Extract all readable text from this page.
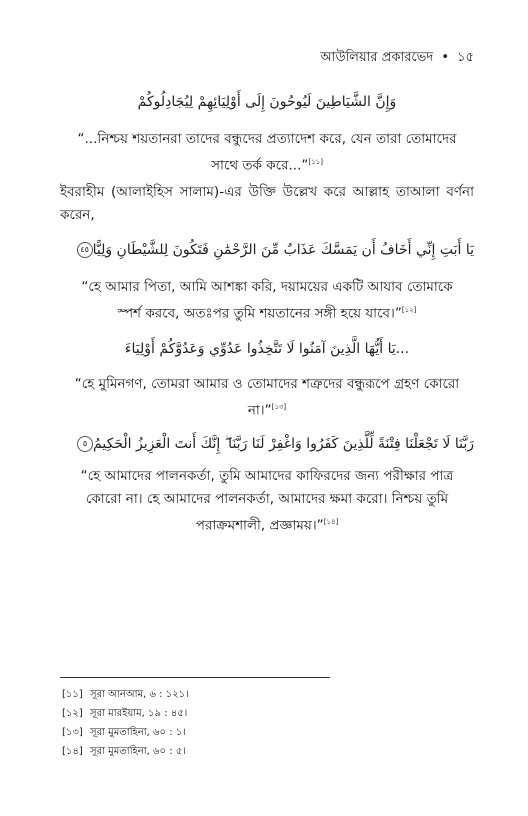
আউলিয়ার প্রকারভেদ • ১৫
وَإِنَّ الشَّيَاطِينَ لَيُوحُونَ إِلَى أَوْلِيَائِهِمْ لِيُجَادِلُوكُمْ
“...নিশ্চয় শয়তানরা তাদের বন্ধুদের প্রত্যাদেশ করে, যেন তারা তোমাদের সাথে তর্ক করে...”[১১]
ইবরাহীম (আলাইহিস সালাম)-এর উক্তি উল্লেখ করে আল্লাহ তাআলা বর্ণনা করেন,
يَا أَبَتِ إِنِّي أَخَافُ أَن يَمَسَّكَ عَذَابٌ مِّنَ الرَّحْمَٰنِ فَتَكُونَ لِلشَّيْطَانِ وَلِيًّا٤٥
“হে আমার পিতা, আমি আশঙ্কা করি, দয়াময়ের একটি আযাব তোমাকে স্পর্শ করবে, অতঃপর তুমি শয়তানের সঙ্গী হয়ে যাবে।”[১২]
...يَا أَيُّهَا الَّذِينَ آمَنُوا لَا تَتَّخِذُوا عَدُوِّي وَعَدُوَّكُمْ أَوْلِيَاءَ
“হে মুমিনগণ, তোমরা আমার ও তোমাদের শত্রুদের বন্ধুরূপে গ্রহণ কোরো না।”[১৩]
رَبَّنَا لَا تَجْعَلْنَا فِتْنَةً لِّلَّذِينَ كَفَرُوا وَاغْفِرْ لَنَا رَبَّنَا ۖ إِنَّكَ أَنتَ الْعَزِيزُ الْحَكِيمُ٥
“হে আমাদের পালনকর্তা, তুমি আমাদের কাফিরদের জন্য পরীক্ষার পাত্র কোরো না। হে আমাদের পালনকর্তা, আমাদের ক্ষমা করো। নিশ্চয় তুমি পরাক্রমশালী, প্রজ্ঞাময়।”[১৪]
[১১] সূরা আনআম, ৬ : ১২১।
[১২] সূরা মারইয়াম, ১৯ : ৪৫।
[১৩] সূরা মুমতাহিনা, ৬০ : ১।
[১৪] সূরা মুমতাহিনা, ৬০ : ৫।
